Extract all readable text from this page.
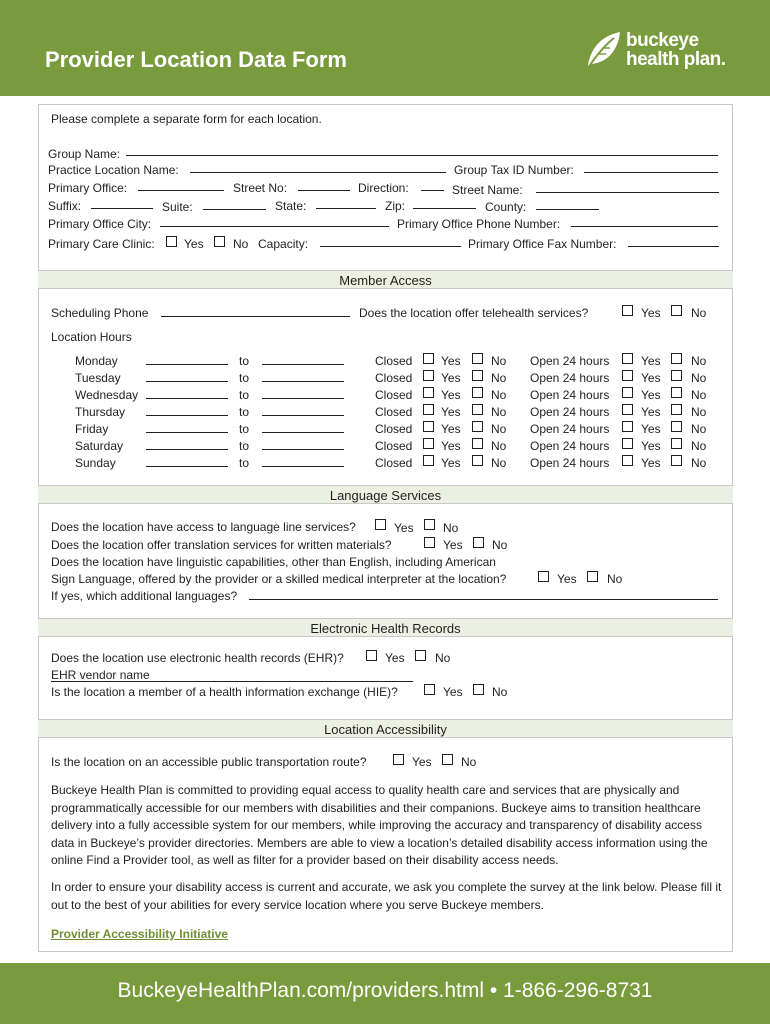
Provider Location Data Form
buckeye
health plan.
Please complete a separate form for each location.
Group Name:
Practice Location Name:	Group Tax ID Number:
Primary Office:	Street No:	Direction:	Street Name:
Suffix:	Suite:	State:	Zip:	County:
Primary Office City:	Primary Office Phone Number:
Primary Care Clinic: Yes No Capacity:	Primary Office Fax Number:
Member Access
Scheduling Phone	Does the location offer telehealth services?	Yes	No
Location Hours
Monday	to	Closed Yes	No Open 24 hours	Yes	No
Tuesday	to	Closed Yes	No Open 24 hours	Yes	No
Wednesday	to	Closed Yes	No Open 24 hours	Yes	No
Thursday	to	Closed Yes	No Open 24 hours	Yes	No
Friday	to	Closed Yes	No Open 24 hours	Yes	No
Saturday	to	Closed Yes	No Open 24 hours	Yes	No
Sunday	to	Closed Yes	No Open 24 hours	Yes	No
Language Services
Does the location have access to language line services?	Yes No
Does the location offer translation services for written materials?	Yes No
Does the location have linguistic capabilities, other than English, including American
Sign Language, offered by the provider or a skilled medical interpreter at the location?	Yes	No
If yes, which additional languages?
Electronic Health Records
Does the location use electronic health records (EHR)?	Yes	No
EHR vendor name
Is the location a member of a health information exchange (HIE)?	Yes No
Location Accessibility
Is the location on an accessible public transportation route?	Yes No
Buckeye Health Plan is committed to providing equal access to quality health care and services that are physically and programmatically accessible for our members with disabilities and their companions. Buckeye aims to transition healthcare delivery into a fully accessible system for our members, while improving the accuracy and transparency of disability access data in Buckeye’s provider directories. Members are able to view a location’s detailed disability access information using the online Find a Provider tool, as well as filter for a provider based on their disability access needs.
In order to ensure your disability access is current and accurate, we ask you complete the survey at the link below. Please fill it out to the best of your abilities for every service location where you serve Buckeye members.
Provider Accessibility Initiative
BuckeyeHealthPlan.com/providers.html • 1-866-296-8731
